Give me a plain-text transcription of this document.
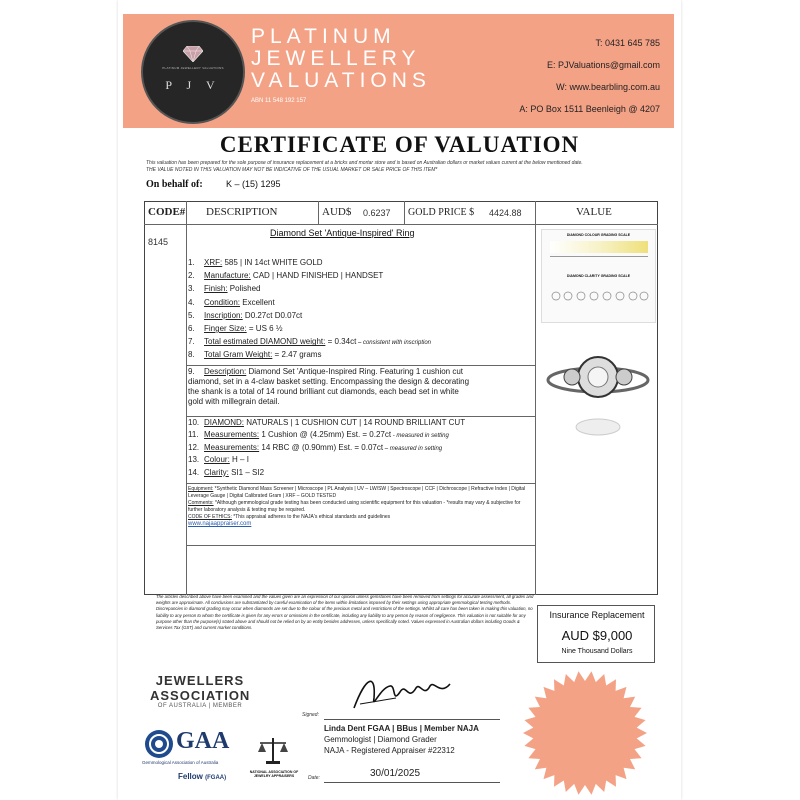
PLATINUM JEWELLERY VALUATIONS
P J V
PLATINUM
JEWELLERY
VALUATIONS
ABN 11 548 192 157
T: 0431 645 785
E: PJValuations@gmail.com
W: www.bearbling.com.au
A: PO Box 1511 Beenleigh @ 4207
CERTIFICATE OF VALUATION
This valuation has been prepared for the sole purpose of insurance replacement at a bricks and mortar store and is based on Australian dollars or market values current at the below mentioned date.
THE VALUE NOTED IN THIS VALUATION MAY NOT BE INDICATIVE OF THE USUAL MARKET OR SALE PRICE OF THIS ITEM*
On behalf of:	K – (15) 1295
CODE# DESCRIPTION	AUD$ 0.6237 GOLD PRICE $ 4424.88	VALUE
8145
Diamond Set 'Antique-Inspired' Ring
1. XRF: 585 | IN 14ct WHITE GOLD
2. Manufacture: CAD | HAND FINISHED | HANDSET
3. Finish: Polished
4. Condition: Excellent
5. Inscription: D0.27ct D0.07ct
6. Finger Size: = US 6 ½
7. Total estimated DIAMOND weight: = 0.34ct – consistent with inscription
8. Total Gram Weight: = 2.47 grams
9. Description: Diamond Set 'Antique-Inspired Ring. Featuring 1 cushion cut
diamond, set in a 4-claw basket setting. Encompassing the design & decorating
the shank is a total of 14 round brilliant cut diamonds, each bead set in white
gold with millegrain detail.
10. DIAMOND: NATURALS | 1 CUSHION CUT | 14 ROUND BRILLIANT CUT
11. Measurements: 1 Cushion @ (4.25mm) Est. = 0.27ct - measured in setting
12. Measurements: 14 RBC @ (0.90mm) Est. = 0.07ct – measured in setting
13. Colour: H – I
14. Clarity: SI1 – SI2
Equipment: *Synthetic Diamond Mass Screener | Microscope | PL Analysis | UV – LW/SW | Spectroscope | CCF | Dichroscope | Refractive Index | Digital Leverage Gauge | Digital Calibrated Gram | XRF – GOLD TESTED
Comments: *Although gemmological grade testing has been conducted using scientific equipment for this valuation - *results may vary & subjective for further laboratory analysis & testing may be required.
CODE OF ETHICS: *This appraisal adheres to the NAJA's ethical standards and guidelines
www.najaappraiser.com
DIAMOND COLOUR GRADING SCALE
DIAMOND CLARITY GRADING SCALE
Insurance Replacement
AUD $9,000
Nine Thousand Dollars
The articles described above have been examined and the values given are an expression of our opinion unless gemstones have been removed from settings for accurate assessment, all grades and weights are approximate. All conclusions are substantiated by careful examination of the items within limitations imposed by their settings using appropriate gemmological testing methods. Discrepancies in diamond grading may occur when diamonds are set due to the colour of the precious metal and restrictions of the settings. Whilst all care has been taken in making this valuation, no liability to any person to whom the certificate is given for any errors or omissions in the certificate, including any liability to any person by reason of negligence. This valuation is not suitable for any purpose other than the purpose(s) stated above and should not be relied on by an entity besides addresses, unless specifically noted. Values expressed in Australian dollars including Goods & Services Tax (GST) and current market conditions.
JEWELLERS
ASSOCIATION
OF AUSTRALIA | MEMBER
GAA
Gemmological Association of Australia
Fellow (FGAA)
NATIONAL ASSOCIATION OF JEWELRY APPRAISERS
Signed:
Linda Dent FGAA | BBus | Member NAJA
Gemmologist | Diamond Grader
NAJA - Registered Appraiser #22312
Date:	30/01/2025
